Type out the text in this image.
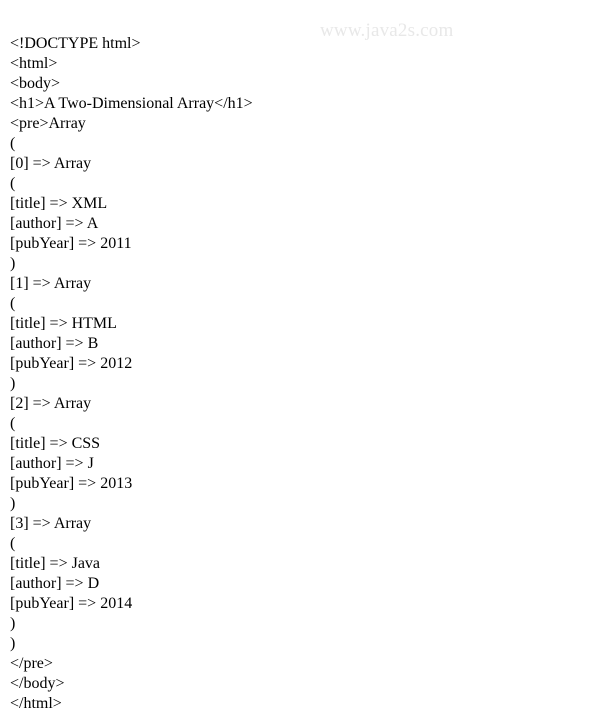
www.java2s.com
<!DOCTYPE html>
<html>
<body>
<h1>A Two-Dimensional Array</h1>
<pre>Array
(
[0] => Array
(
[title] => XML
[author] => A
[pubYear] => 2011
)
[1] => Array
(
[title] => HTML
[author] => B
[pubYear] => 2012
)
[2] => Array
(
[title] => CSS
[author] => J
[pubYear] => 2013
)
[3] => Array
(
[title] => Java
[author] => D
[pubYear] => 2014
)
)
</pre>
</body>
</html>
